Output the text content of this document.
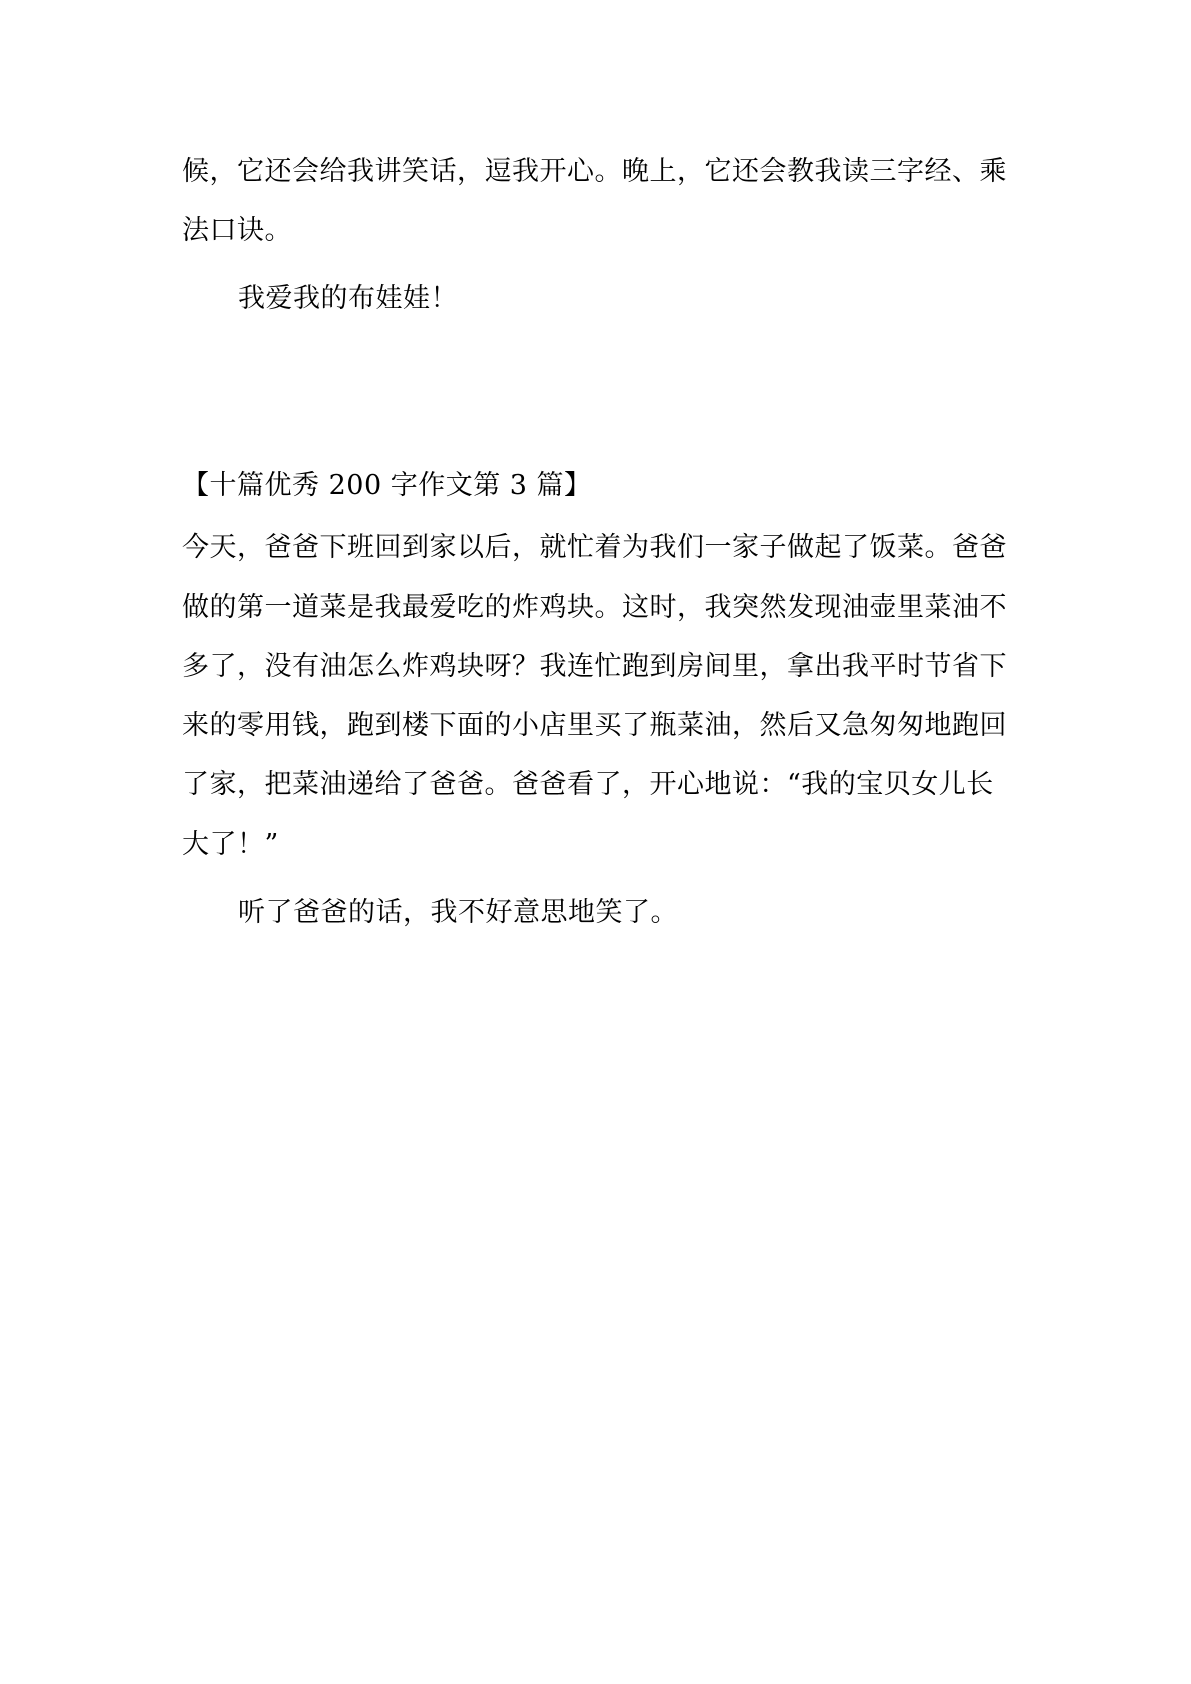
候，它还会给我讲笑话，逗我开心。晚上，它还会教我读三字经、乘
法口诀。
我爱我的布娃娃！
【十篇优秀 200 字作文第 3 篇】
今天，爸爸下班回到家以后，就忙着为我们一家子做起了饭菜。爸爸
做的第一道菜是我最爱吃的炸鸡块。这时，我突然发现油壶里菜油不
多了，没有油怎么炸鸡块呀？我连忙跑到房间里，拿出我平时节省下
来的零用钱，跑到楼下面的小店里买了瓶菜油，然后又急匆匆地跑回
了家，把菜油递给了爸爸。爸爸看了，开心地说：“我的宝贝女儿长
大了！”
听了爸爸的话，我不好意思地笑了。
